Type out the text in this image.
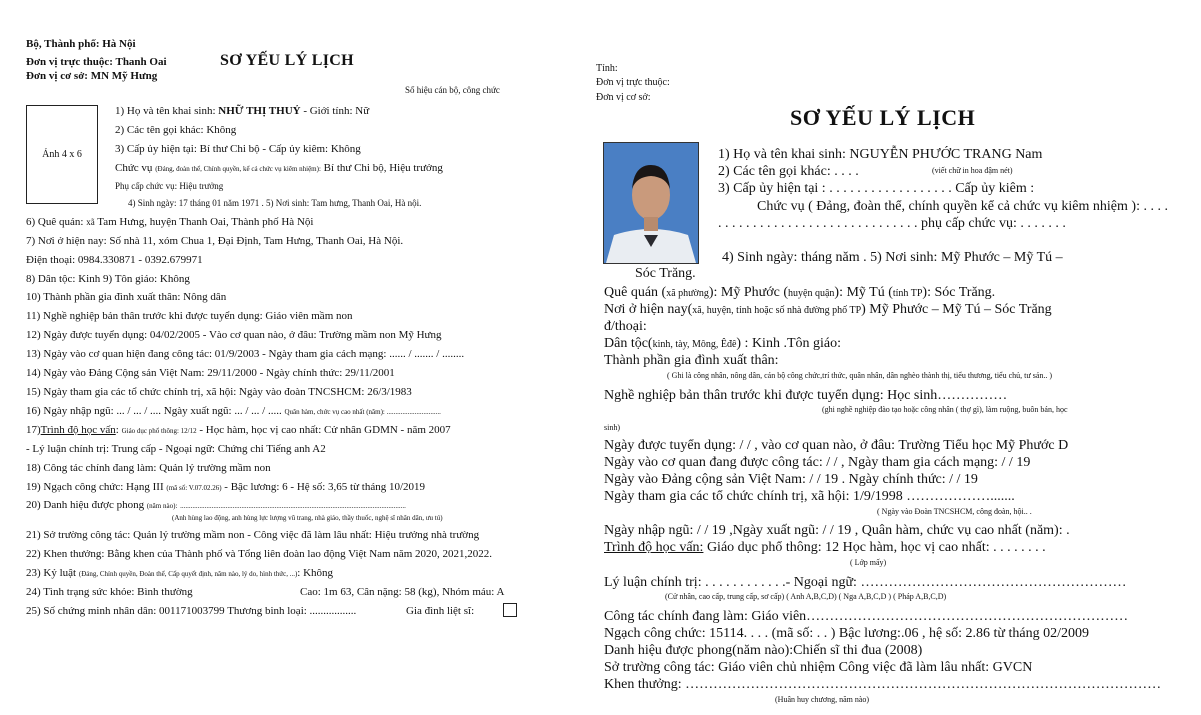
Bộ, Thành phố: Hà Nội
Đơn vị trực thuộc: Thanh Oai
Đơn vị cơ sở: MN Mỹ Hưng
SƠ YẾU LÝ LỊCH
Số hiệu cán bộ, công chức
Ảnh 4 x 6
1) Họ và tên khai sinh: NHỮ THỊ THUỶ - Giới tính: Nữ
2) Các tên gọi khác: Không
3) Cấp ủy hiện tại: Bí thư Chi bộ - Cấp ủy kiêm: Không
Chức vụ (Đảng, đoàn thể, Chính quyền, kể cả chức vụ kiêm nhiệm): Bí thư Chi bộ, Hiệu trưởng
Phụ cấp chức vụ: Hiệu trưởng
4) Sinh ngày: 17 tháng 01 năm 1971 . 5) Nơi sinh: Tam hưng, Thanh Oai, Hà nội.
6) Quê quán: xã Tam Hưng, huyện Thanh Oai, Thành phố Hà Nội
7) Nơi ở hiện nay: Số nhà 11, xóm Chua 1, Đại Định, Tam Hưng, Thanh Oai, Hà Nội.
Điện thoại: 0984.330871 - 0392.679971
8) Dân tộc: Kinh 9) Tôn giáo: Không
10) Thành phần gia đình xuất thân: Nông dân
11) Nghề nghiệp bản thân trước khi được tuyển dụng: Giáo viên mầm non
12) Ngày được tuyển dụng: 04/02/2005 - Vào cơ quan nào, ở đâu: Trường mầm non Mỹ Hưng
13) Ngày vào cơ quan hiện đang công tác: 01/9/2003 - Ngày tham gia cách mạng: ...... / ....... / ........
14) Ngày vào Đảng Cộng sản Việt Nam: 29/11/2000 - Ngày chính thức: 29/11/2001
15) Ngày tham gia các tổ chức chính trị, xã hội: Ngày vào đoàn TNCSHCM: 26/3/1983
16) Ngày nhập ngũ: ... / ... / .... Ngày xuất ngũ: ... / ... / ..... Quân hàm, chức vụ cao nhất (năm): ...............................
17)Trình độ học vấn: Giáo dục phổ thông: 12/12 - Học hàm, học vị cao nhất: Cử nhân GDMN - năm 2007
- Lý luận chính trị: Trung cấp - Ngoại ngữ: Chứng chỉ Tiếng anh A2
18) Công tác chính đang làm: Quản lý trường mầm non
19) Ngạch công chức: Hạng III (mã số: V.07.02.26) - Bậc lương: 6 - Hệ số: 3,65 từ tháng 10/2019
20) Danh hiệu được phong (năm nào): .................................................................................................................................
(Anh hùng lao động, anh hùng lực lượng vũ trang, nhà giáo, thầy thuốc, nghệ sĩ nhân dân, ưu tú)
21) Sở trường công tác: Quản lý trường mầm non - Công việc đã làm lâu nhất: Hiệu trưởng nhà trường
22) Khen thưởng: Bằng khen của Thành phố và Tổng liên đoàn lao động Việt Nam năm 2020, 2021,2022.
23) Kỷ luật (Đảng, Chính quyền, Đoàn thể, Cấp quyết định, năm nào, lý do, hình thức, ...): Không
24) Tình trạng sức khỏe: Bình thường	Cao: 1m 63, Cân nặng: 58 (kg), Nhóm máu: A
25) Số chứng minh nhân dân: 001171003799 Thương binh loại: .................	Gia đình liệt sĩ:
Tỉnh:
Đơn vị trực thuộc:
Đơn vị cơ sở:
SƠ YẾU LÝ LỊCH
1) Họ và tên khai sinh: NGUYỄN PHƯỚC TRANG Nam
2) Các tên gọi khác: . . . .	(viết chữ in hoa đậm nét)
3) Cấp ủy hiện tại : . . . . . . . . . . . . . . . . . . Cấp ủy kiêm :
Chức vụ ( Đảng, đoàn thể, chính quyền kể cả chức vụ kiêm nhiệm ): . . . .
. . . . . . . . . . . . . . . . . . . . . . . . . . . . . phụ cấp chức vụ: . . . . . . .
4) Sinh ngày: tháng năm . 5) Nơi sinh: Mỹ Phước – Mỹ Tú –
Sóc Trăng.
Quê quán (xã phường): Mỹ Phước (huyện quận): Mỹ Tú (tỉnh TP): Sóc Trăng.
Nơi ở hiện nay(xã, huyện, tỉnh hoặc số nhà đường phố TP) Mỹ Phước – Mỹ Tú – Sóc Trăng
đ/thoại:
Dân tộc(kinh, tày, Mông, Êđê) : Kinh .Tôn giáo:
Thành phần gia đình xuất thân:
( Ghi là công nhân, nông dân, cán bộ công chức,trí thức, quân nhân, dân nghèo thành thị, tiểu thương, tiểu chủ, tư sản.. )
Nghề nghiệp bản thân trước khi được tuyển dụng: Học sinh……………
(ghi nghề nghiệp đào tạo hoặc công nhân ( thợ gì), làm ruộng, buôn bán, học
sinh)
Ngày được tuyển dụng: / / , vào cơ quan nào, ở đâu: Trường Tiểu học Mỹ Phước D
Ngày vào cơ quan đang được công tác: / / , Ngày tham gia cách mạng: / / 19
Ngày vào Đảng cộng sản Việt Nam: / / 19 . Ngày chính thức: / / 19
Ngày tham gia các tổ chức chính trị, xã hội: 1/9/1998 ……………….......
( Ngày vào Đoàn TNCSHCM, công đoàn, hội.. .
Ngày nhập ngũ: / / 19 ,Ngày xuất ngũ: / / 19 , Quân hàm, chức vụ cao nhất (năm): .
Trình độ học vấn: Giáo dục phổ thông: 12 Học hàm, học vị cao nhất: . . . . . . . .
( Lớp mấy)
Lý luận chính trị: . . . . . . . . . . . .- Ngoại ngữ: …………………………………………………
(Cử nhân, cao cấp, trung cấp, sơ cấp) ( Anh A,B,C,D) ( Nga A,B,C,D ) ( Pháp A,B,C,D)
Công tác chính đang làm: Giáo viên……………………………………………………………
Ngạch công chức: 15114. . . . (mã số: . . ) Bậc lương:.06 , hệ số: 2.86 từ tháng 02/2009
Danh hiệu được phong(năm nào):Chiến sĩ thi đua (2008)
Sở trường công tác: Giáo viên chủ nhiệm Công việc đã làm lâu nhất: GVCN
Khen thưởng: …………………………………………………………………………………………
(Huân huy chương, năm nào)
